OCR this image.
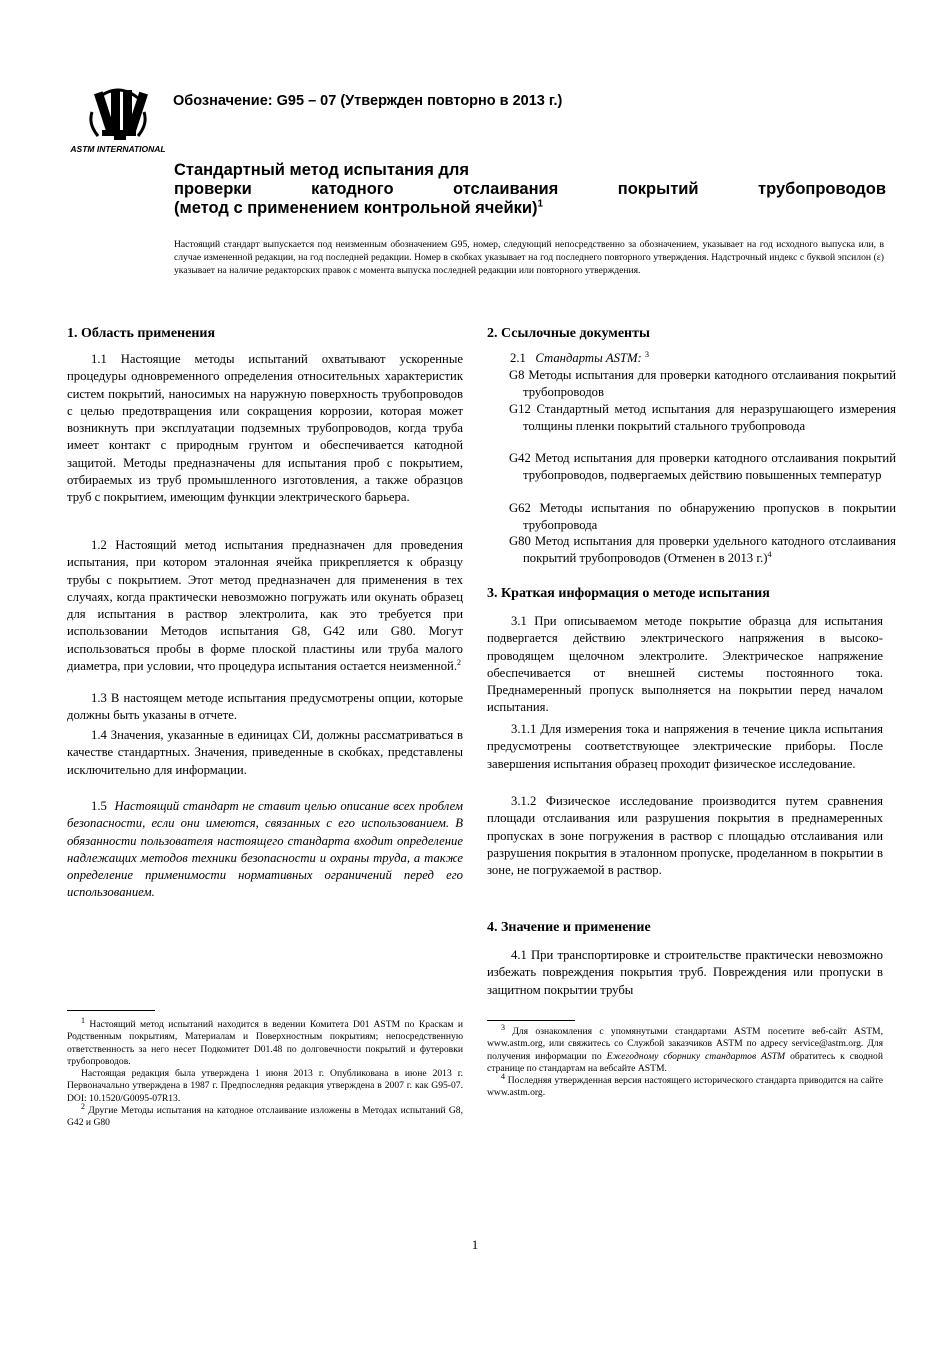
ASTM INTERNATIONAL
Обозначение: G95 – 07 (Утвержден повторно в 2013 г.)
Стандартный метод испытания для
проверки катодного отслаивания покрытий трубопроводов
(метод с применением контрольной ячейки)$^1$
Настоящий стандарт выпускается под неизменным обозначением G95, номер, следующий непосредственно за обозначением, указывает на год исходного выпуска или, в случае измененной редакции, на год последней редакции. Номер в скобках указывает на год последнего повторного утверждения. Надстрочный индекс с буквой эпсилон (ε) указывает на наличие редакторских правок с момента выпуска последней редакции или повторного утверждения.
1. Область применения
1.1 Настоящие методы испытаний охватывают ускоренные процедуры одновременного определения относительных характеристик систем покрытий, наносимых на наружную поверхность трубопроводов с целью предотвращения или сокращения коррозии, которая может возникнуть при эксплуатации подземных трубопроводов, когда труба имеет контакт с природным грунтом и обеспечивается катодной защитой. Методы предназначены для испытания проб с покрытием, отбираемых из труб промышленного изготовления, а также образцов труб с покрытием, имеющим функции электрического барьера.
1.2 Настоящий метод испытания предназначен для проведения испытания, при котором эталонная ячейка прикрепляется к образцу трубы с покрытием. Этот метод предназначен для применения в тех случаях, когда практически невозможно погружать или окунать образец для испытания в раствор электролита, как это требуется при использовании Методов испытания G8, G42 или G80. Могут использоваться пробы в форме плоской пластины или труба малого диаметра, при условии, что процедура испытания остается неизменной.$^2$
1.3 В настоящем методе испытания предусмотрены опции, которые должны быть указаны в отчете.
1.4 Значения, указанные в единицах СИ, должны рассматриваться в качестве стандартных. Значения, приведенные в скобках, представлены исключительно для информации.
1.5 Настоящий стандарт не ставит целью описание всех проблем безопасности, если они имеются, связанных с его использованием. В обязанности пользователя настоящего стандарта входит определение надлежащих методов техники безопасности и охраны труда, а также определение применимости нормативных ограничений перед его использованием.
2. Ссылочные документы
2.1 Стандарты ASTM: $^3$
G8 Методы испытания для проверки катодного отслаивания покрытий трубопроводов
G12 Стандартный метод испытания для неразрушающего измерения толщины пленки покрытий стального трубопровода
G42 Метод испытания для проверки катодного отслаивания покрытий трубопроводов, подвергаемых действию повышенных температур
G62 Методы испытания по обнаружению пропусков в покрытии трубопровода
G80 Метод испытания для проверки удельного катодного отслаивания покрытий трубопроводов (Отменен в 2013 г.)$^4$
3. Краткая информация о методе испытания
3.1 При описываемом методе покрытие образца для испытания подвергается действию электрического напряжения в высоко-проводящем щелочном электролите. Электрическое напряжение обеспечивается от внешней системы постоянного тока. Преднамеренный пропуск выполняется на покрытии перед началом испытания.
3.1.1 Для измерения тока и напряжения в течение цикла испытания предусмотрены соответствующее электрические приборы. После завершения испытания образец проходит физическое исследование.
3.1.2 Физическое исследование производится путем сравнения площади отслаивания или разрушения покрытия в преднамеренных пропусках в зоне погружения в раствор с площадью отслаивания или разрушения покрытия в эталонном пропуске, проделанном в покрытии в зоне, не погружаемой в раствор.
4. Значение и применение
4.1 При транспортировке и строительстве практически невозможно избежать повреждения покрытия труб. Повреждения или пропуски в защитном покрытии трубы

$^1$ Настоящий метод испытаний находится в ведении Комитета D01 ASTM по Краскам и Родственным покрытиям, Материалам и Поверхностным покрытиям; непосредственную ответственность за него несет Подкомитет D01.48 по долговечности покрытий и футеровки трубопроводов.

Настоящая редакция была утверждена 1 июня 2013 г. Опубликована в июне 2013 г. Первоначально утверждена в 1987 г. Предпоследняя редакция утверждена в 2007 г. как G95-07. DOI: 10.1520/G0095-07R13.

$^2$ Другие Методы испытания на катодное отслаивание изложены в Методах испытаний G8, G42 и G80

$^3$ Для ознакомления с упомянутыми стандартами ASTM посетите веб-сайт ASTM, www.astm.org, или свяжитесь со Службой заказчиков ASTM по адресу service@astm.org. Для получения информации по Ежегодному сборнику стандартов ASTM обратитесь к сводной странице по стандартам на вебсайте ASTM.

$^4$ Последняя утвержденная версия настоящего исторического стандарта приводится на сайте www.astm.org.

1
